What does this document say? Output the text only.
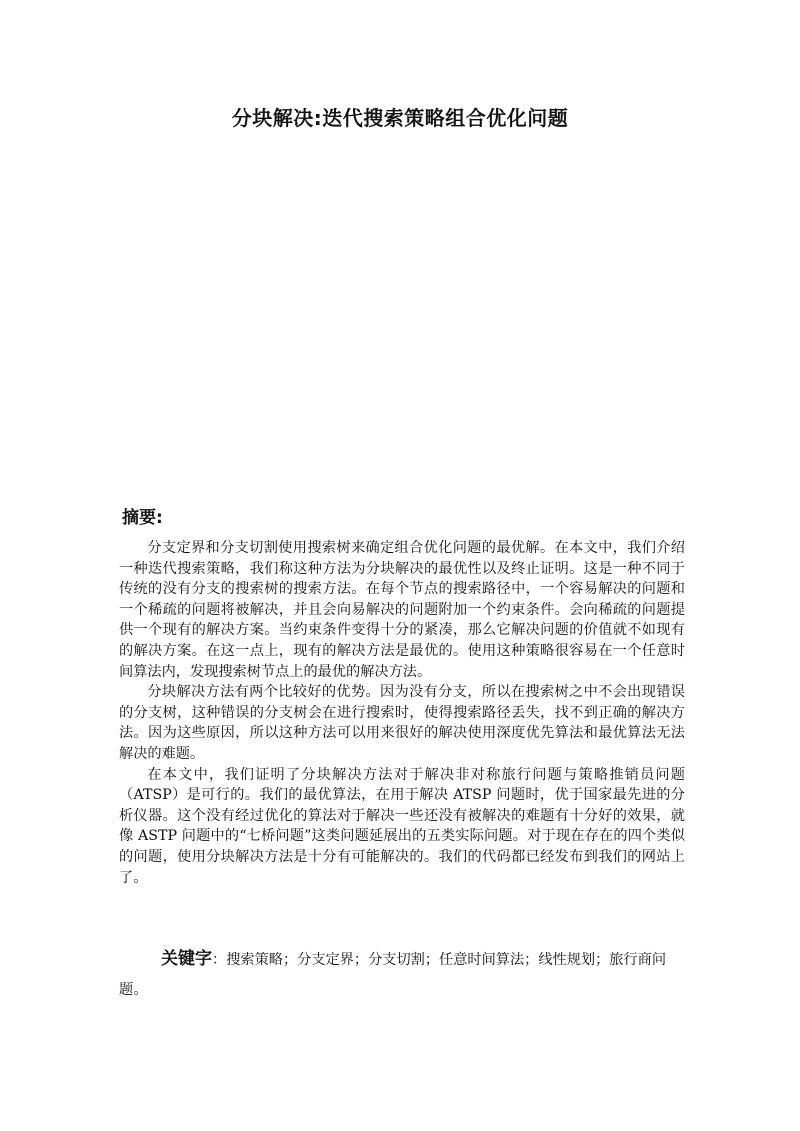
分块解决:迭代搜索策略组合优化问题
摘要:

分支定界和分支切割使用搜索树来确定组合优化问题的最优解。在本文中，我们介绍一种迭代搜索策略，我们称这种方法为分块解决的最优性以及终止证明。这是一种不同于传统的没有分支的搜索树的搜索方法。在每个节点的搜索路径中，一个容易解决的问题和一个稀疏的问题将被解决，并且会向易解决的问题附加一个约束条件。会向稀疏的问题提供一个现有的解决方案。当约束条件变得十分的紧凑，那么它解决问题的价值就不如现有的解决方案。在这一点上，现有的解决方法是最优的。使用这种策略很容易在一个任意时间算法内，发现搜索树节点上的最优的解决方法。

分块解决方法有两个比较好的优势。因为没有分支，所以在搜索树之中不会出现错误的分支树，这种错误的分支树会在进行搜索时，使得搜索路径丢失，找不到正确的解决方法。因为这些原因，所以这种方法可以用来很好的解决使用深度优先算法和最优算法无法解决的难题。

在本文中，我们证明了分块解决方法对于解决非对称旅行问题与策略推销员问题（ATSP）是可行的。我们的最优算法，在用于解决 ATSP 问题时，优于国家最先进的分析仪器。这个没有经过优化的算法对于解决一些还没有被解决的难题有十分好的效果，就像 ASTP 问题中的“七桥问题”这类问题延展出的五类实际问题。对于现在存在的四个类似的问题，使用分块解决方法是十分有可能解决的。我们的代码都已经发布到我们的网站上了。

关键字：搜索策略；分支定界；分支切割；任意时间算法；线性规划；旅行商问题。
